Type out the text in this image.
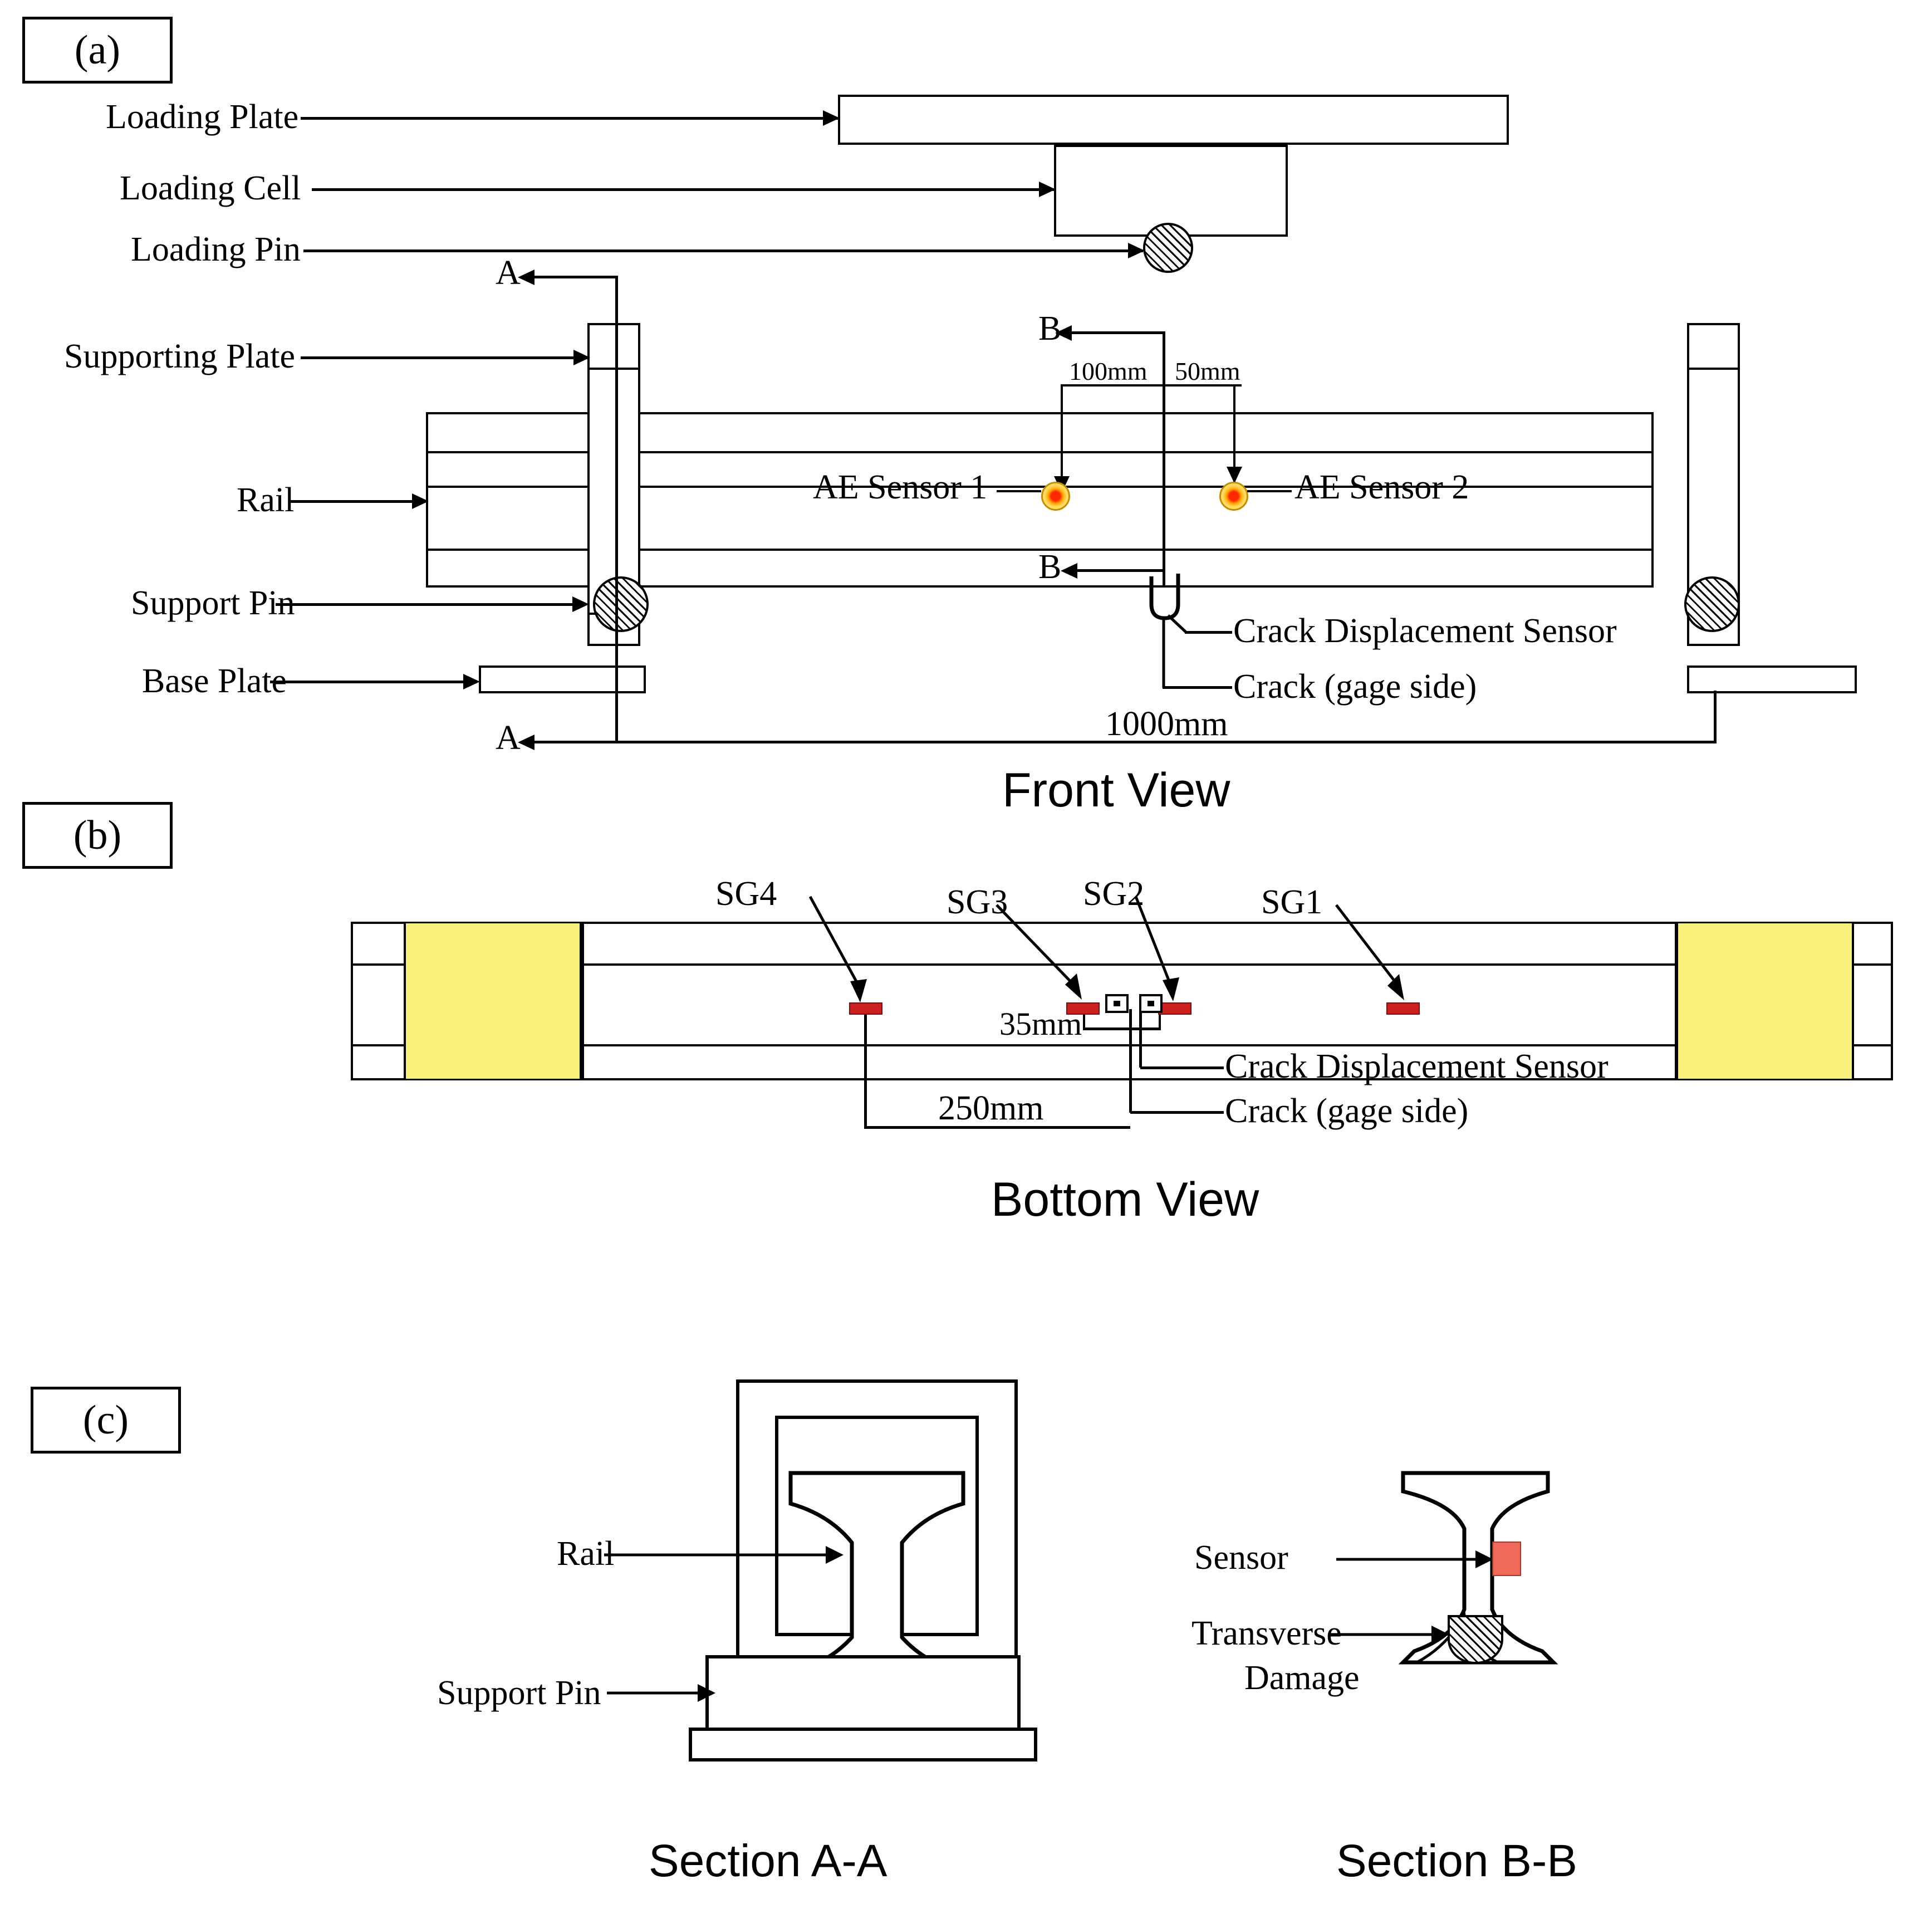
(a)
Loading Plate
Loading Cell
Loading Pin
Supporting Plate
Rail
Support Pin
Base Plate
A
A
B
B
100mm 50mm
AE Sensor 1	AE Sensor 2
Crack Displacement Sensor
Crack (gage side)
1000mm
Front View
(b)
SG4	SG3 SG2	SG1
35mm
Crack Displacement Sensor
Crack (gage side)
250mm
Bottom View
(c)
Rail
Support Pin
Sensor
Transverse
Damage
Section A-A	Section B-B
